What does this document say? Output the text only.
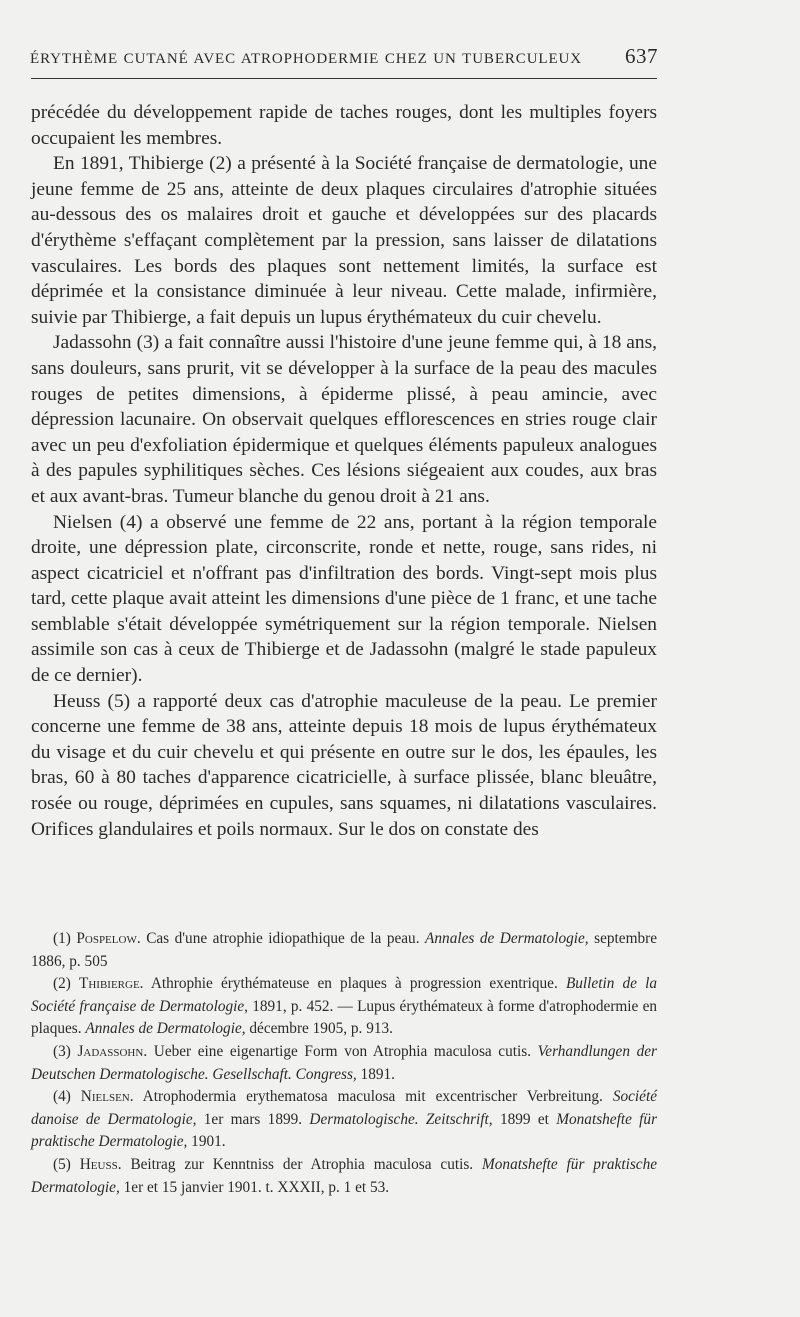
ÉRYTHÈME CUTANÉ AVEC ATROPHODERMIE CHEZ UN TUBERCULEUX 637

précédée du développement rapide de taches rouges, dont les multiples foyers occupaient les membres.

En 1891, Thibierge (2) a présenté à la Société française de dermatologie, une jeune femme de 25 ans, atteinte de deux plaques circulaires d'atrophie situées au-dessous des os malaires droit et gauche et développées sur des placards d'érythème s'effaçant complètement par la pression, sans laisser de dilatations vasculaires. Les bords des plaques sont nettement limités, la surface est déprimée et la consistance diminuée à leur niveau. Cette malade, infirmière, suivie par Thibierge, a fait depuis un lupus érythémateux du cuir chevelu.

Jadassohn (3) a fait connaître aussi l'histoire d'une jeune femme qui, à 18 ans, sans douleurs, sans prurit, vit se développer à la surface de la peau des macules rouges de petites dimensions, à épiderme plissé, à peau amincie, avec dépression lacunaire. On observait quelques efflorescences en stries rouge clair avec un peu d'exfoliation épidermique et quelques éléments papuleux analogues à des papules syphilitiques sèches. Ces lésions siégeaient aux coudes, aux bras et aux avant-bras. Tumeur blanche du genou droit à 21 ans.

Nielsen (4) a observé une femme de 22 ans, portant à la région temporale droite, une dépression plate, circonscrite, ronde et nette, rouge, sans rides, ni aspect cicatriciel et n'offrant pas d'infiltration des bords. Vingt-sept mois plus tard, cette plaque avait atteint les dimensions d'une pièce de 1 franc, et une tache semblable s'était développée symétriquement sur la région temporale. Nielsen assimile son cas à ceux de Thibierge et de Jadassohn (malgré le stade papuleux de ce dernier).

Heuss (5) a rapporté deux cas d'atrophie maculeuse de la peau. Le premier concerne une femme de 38 ans, atteinte depuis 18 mois de lupus érythémateux du visage et du cuir chevelu et qui présente en outre sur le dos, les épaules, les bras, 60 à 80 taches d'apparence cicatricielle, à surface plissée, blanc bleuâtre, rosée ou rouge, déprimées en cupules, sans squames, ni dilatations vasculaires. Orifices glandulaires et poils normaux. Sur le dos on constate des

(1) Pospelow. Cas d'une atrophie idiopathique de la peau. Annales de Dermatologie, septembre 1886, p. 505

(2) Thibierge. Athrophie érythémateuse en plaques à progression exentrique. Bulletin de la Société française de Dermatologie, 1891, p. 452. — Lupus érythémateux à forme d'atrophodermie en plaques. Annales de Dermatologie, décembre 1905, p. 913.

(3) Jadassohn. Ueber eine eigenartige Form von Atrophia maculosa cutis. Verhandlungen der Deutschen Dermatologische. Gesellschaft. Congress, 1891.

(4) Nielsen. Atrophodermia erythematosa maculosa mit excentrischer Verbreitung. Société danoise de Dermatologie, 1er mars 1899. Dermatologische. Zeitschrift, 1899 et Monatshefte für praktische Dermatologie, 1901.

(5) Heuss. Beitrag zur Kenntniss der Atrophia maculosa cutis. Monatshefte für praktische Dermatologie, 1er et 15 janvier 1901. t. XXXII, p. 1 et 53.
